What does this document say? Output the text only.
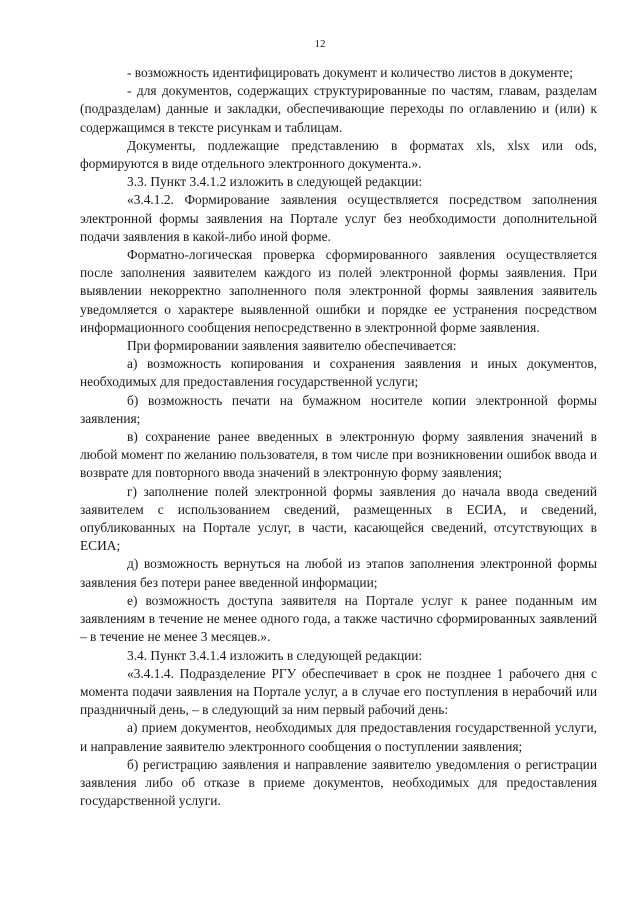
12

- возможность идентифицировать документ и количество листов в документе;

- для документов, содержащих структурированные по частям, главам, разделам (подразделам) данные и закладки, обеспечивающие переходы по оглавлению и (или) к содержащимся в тексте рисункам и таблицам.

Документы, подлежащие представлению в форматах xls, xlsx или ods, формируются в виде отдельного электронного документа.».

3.3. Пункт 3.4.1.2 изложить в следующей редакции:

«3.4.1.2. Формирование заявления осуществляется посредством заполнения электронной формы заявления на Портале услуг без необходимости дополнительной подачи заявления в какой-либо иной форме.

Форматно-логическая проверка сформированного заявления осуществляется после заполнения заявителем каждого из полей электронной формы заявления. При выявлении некорректно заполненного поля электронной формы заявления заявитель уведомляется о характере выявленной ошибки и порядке ее устранения посредством информационного сообщения непосредственно в электронной форме заявления.

При формировании заявления заявителю обеспечивается:

а) возможность копирования и сохранения заявления и иных документов, необходимых для предоставления государственной услуги;

б) возможность печати на бумажном носителе копии электронной формы заявления;

в) сохранение ранее введенных в электронную форму заявления значений в любой момент по желанию пользователя, в том числе при возникновении ошибок ввода и возврате для повторного ввода значений в электронную форму заявления;

г) заполнение полей электронной формы заявления до начала ввода сведений заявителем с использованием сведений, размещенных в ЕСИА, и сведений, опубликованных на Портале услуг, в части, касающейся сведений, отсутствующих в ЕСИА;

д) возможность вернуться на любой из этапов заполнения электронной формы заявления без потери ранее введенной информации;

е) возможность доступа заявителя на Портале услуг к ранее поданным им заявлениям в течение не менее одного года, а также частично сформированных заявлений – в течение не менее 3 месяцев.».

3.4. Пункт 3.4.1.4 изложить в следующей редакции:

«3.4.1.4. Подразделение РГУ обеспечивает в срок не позднее 1 рабочего дня с момента подачи заявления на Портале услуг, а в случае его поступления в нерабочий или праздничный день, – в следующий за ним первый рабочий день:

а) прием документов, необходимых для предоставления государственной услуги, и направление заявителю электронного сообщения о поступлении заявления;

б) регистрацию заявления и направление заявителю уведомления о регистрации заявления либо об отказе в приеме документов, необходимых для предоставления государственной услуги.
